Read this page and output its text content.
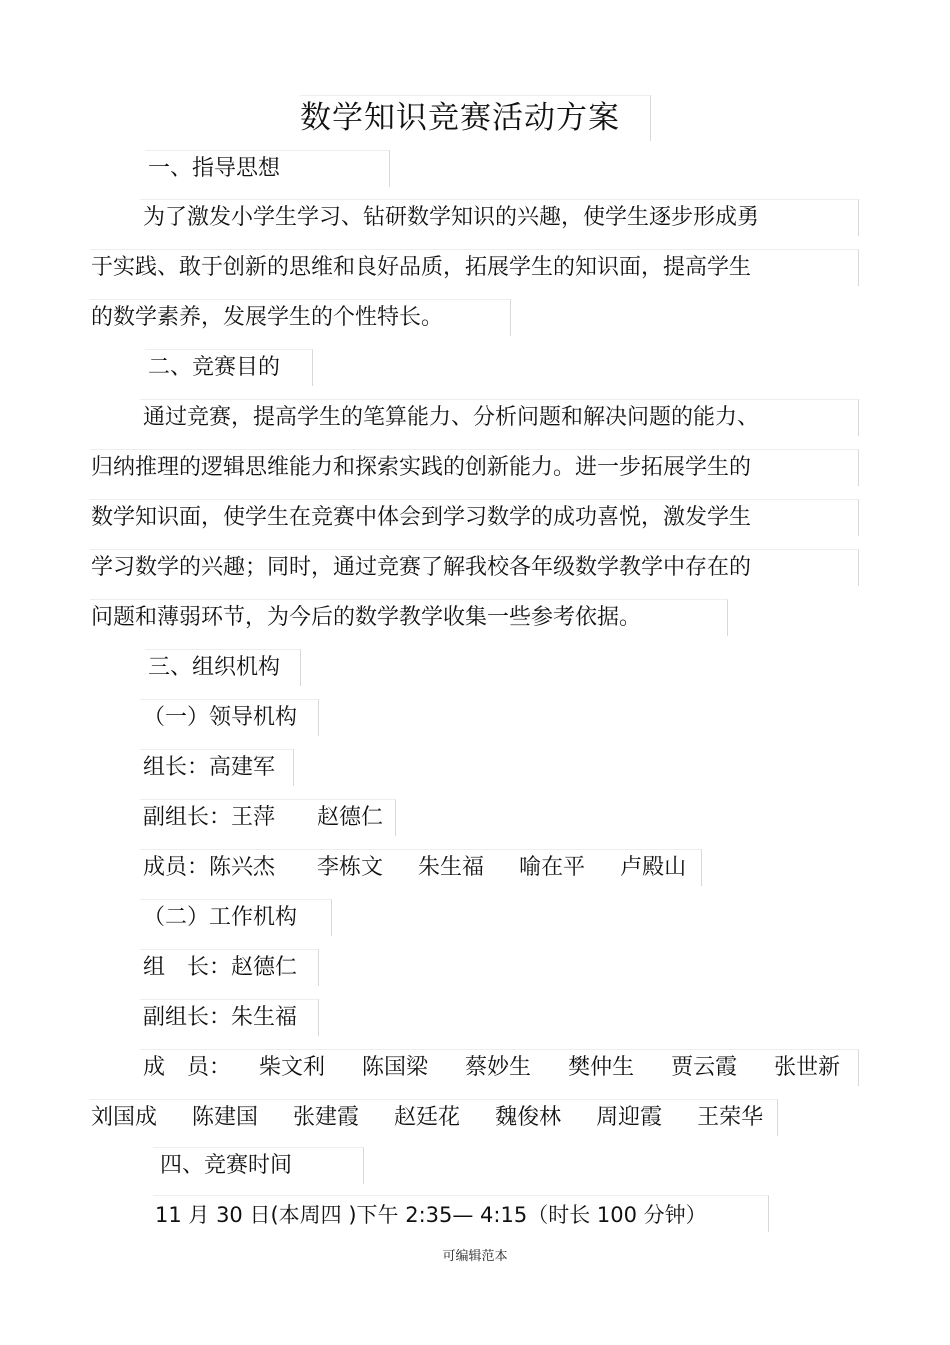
数学知识竞赛活动方案
一、指导思想
为了激发小学生学习、钻研数学知识的兴趣，使学生逐步形成勇
于实践、敢于创新的思维和良好品质，拓展学生的知识面，提高学生
的数学素养，发展学生的个性特长。
二、竞赛目的
通过竞赛，提高学生的笔算能力、分析问题和解决问题的能力、
归纳推理的逻辑思维能力和探索实践的创新能力。进一步拓展学生的
数学知识面，使学生在竞赛中体会到学习数学的成功喜悦，激发学生
学习数学的兴趣；同时，通过竞赛了解我校各年级数学教学中存在的
问题和薄弱环节，为今后的数学教学收集一些参考依据。
三、组织机构
（一）领导机构
组长：高建军
副组长：王萍 赵德仁
成员：陈兴杰 李栋文 朱生福 喻在平 卢殿山
（二）工作机构
组　长：赵德仁
副组长：朱生福
成　员： 柴文利 陈国梁 蔡妙生 樊仲生 贾云霞 张世新
刘国成 陈建国 张建霞 赵廷花 魏俊林 周迎霞 王荣华
四、竞赛时间
11 月 30 日(本周四 )下午 2:35— 4:15（时长 100 分钟）
可编辑范本
